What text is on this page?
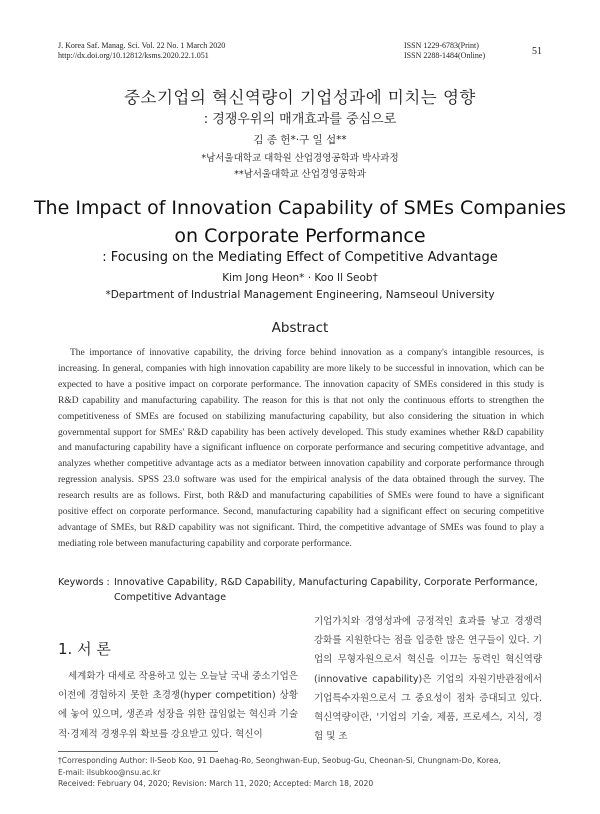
J. Korea Saf. Manag. Sci. Vol. 22 No. 1 March 2020
http://dx.doi.org/10.12812/ksms.2020.22.1.051
ISSN 1229-6783(Print)
ISSN 2288-1484(Online)	51
중소기업의 혁신역량이 기업성과에 미치는 영향
: 경쟁우위의 매개효과를 중심으로
김 종 헌*·구 일 섭**
*남서울대학교 대학원 산업경영공학과 박사과정
**남서울대학교 산업경영공학과
The Impact of Innovation Capability of SMEs Companies
on Corporate Performance
: Focusing on the Mediating Effect of Competitive Advantage
Kim Jong Heon* · Koo Il Seob†
*Department of Industrial Management Engineering, Namseoul University
Abstract
The importance of innovative capability, the driving force behind innovation as a company's intangible resources, is increasing. In general, companies with high innovation capability are more likely to be successful in innovation, which can be expected to have a positive impact on corporate performance. The innovation capacity of SMEs considered in this study is R&D capability and manufacturing capability. The reason for this is that not only the continuous efforts to strengthen the competitiveness of SMEs are focused on stabilizing manufacturing capability, but also considering the situation in which governmental support for SMEs' R&D capability has been actively developed. This study examines whether R&D capability and manufacturing capability have a significant influence on corporate performance and securing competitive advantage, and analyzes whether competitive advantage acts as a mediator between innovation capability and corporate performance through regression analysis. SPSS 23.0 software was used for the empirical analysis of the data obtained through the survey. The research results are as follows. First, both R&D and manufacturing capabilities of SMEs were found to have a significant positive effect on corporate performance. Second, manufacturing capability had a significant effect on securing competitive advantage of SMEs, but R&D capability was not significant. Third, the competitive advantage of SMEs was found to play a mediating role between manufacturing capability and corporate performance.
Keywords : Innovative Capability, R&D Capability, Manufacturing Capability, Corporate Performance, Competitive Advantage
1. 서 론
세계화가 대세로 작용하고 있는 오늘날 국내 중소기업은 이전에 경험하지 못한 초경쟁(hyper competition) 상황에 놓여 있으며, 생존과 성장을 위한 끊임없는 혁신과 기술적·경제적 경쟁우위 확보를 강요받고 있다. 혁신이
기업가치와 경영성과에 긍정적인 효과를 낳고 경쟁력 강화를 지원한다는 점을 입증한 많은 연구들이 있다. 기업의 무형자원으로서 혁신을 이끄는 동력인 혁신역량(innovative capability)은 기업의 자원기반관점에서 기업특수자원으로서 그 중요성이 점차 증대되고 있다. 혁신역량이란, '기업의 기술, 제품, 프로세스, 지식, 경험 및 조
†Corresponding Author: Il-Seob Koo, 91 Daehag-Ro, Seonghwan-Eup, Seobug-Gu, Cheonan-Si, Chungnam-Do, Korea,
E-mail: ilsubkoo@nsu.ac.kr
Received: February 04, 2020; Revision: March 11, 2020; Accepted: March 18, 2020
